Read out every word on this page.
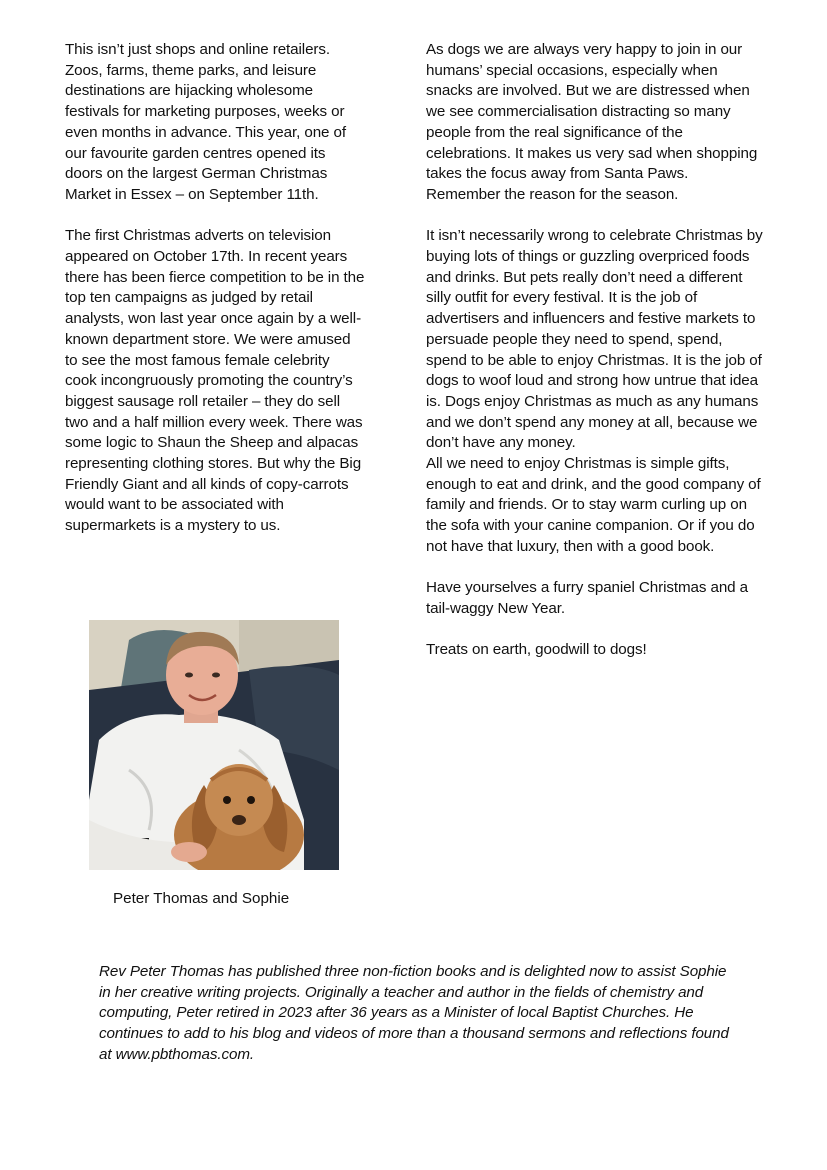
This isn’t just shops and online retailers. Zoos, farms, theme parks, and leisure destinations are hijacking wholesome festivals for marketing purposes, weeks or even months in advance. This year, one of our favourite garden centres opened its doors on the largest German Christmas Market in Essex – on September 11th.

The first Christmas adverts on television appeared on October 17th. In recent years there has been fierce competition to be in the top ten campaigns as judged by retail analysts, won last year once again by a well-known department store. We were amused to see the most famous female celebrity cook incongruously promoting the country’s biggest sausage roll retailer – they do sell two and a half million every week. There was some logic to Shaun the Sheep and alpacas representing clothing stores. But why the Big Friendly Giant and all kinds of copy-carrots would want to be associated with supermarkets is a mystery to us.

As dogs we are always very happy to join in our humans’ special occasions, especially when snacks are involved. But we are distressed when we see commercialisation distracting so many people from the real significance of the celebrations. It makes us very sad when shopping takes the focus away from Santa Paws. Remember the reason for the season.

It isn’t necessarily wrong to celebrate Christmas by buying lots of things or guzzling overpriced foods and drinks. But pets really don’t need a different silly outfit for every festival. It is the job of advertisers and influencers and festive markets to persuade people they need to spend, spend, spend to be able to enjoy Christmas. It is the job of dogs to woof loud and strong how untrue that idea is. Dogs enjoy Christmas as much as any humans and we don’t spend any money at all, because we don’t have any money.

All we need to enjoy Christmas is simple gifts, enough to eat and drink, and the good company of family and friends. Or to stay warm curling up on the sofa with your canine companion. Or if you do not have that luxury, then with a good book.

Have yourselves a furry spaniel Christmas and a tail-waggy New Year.

Treats on earth, goodwill to dogs!

Peter Thomas and Sophie
Rev Peter Thomas has published three non-fiction books and is delighted now to assist Sophie in her creative writing projects. Originally a teacher and author in the fields of chemistry and computing, Peter retired in 2023 after 36 years as a Minister of local Baptist Churches. He continues to add to his blog and videos of more than a thousand sermons and reflections found at www.pbthomas.com.
